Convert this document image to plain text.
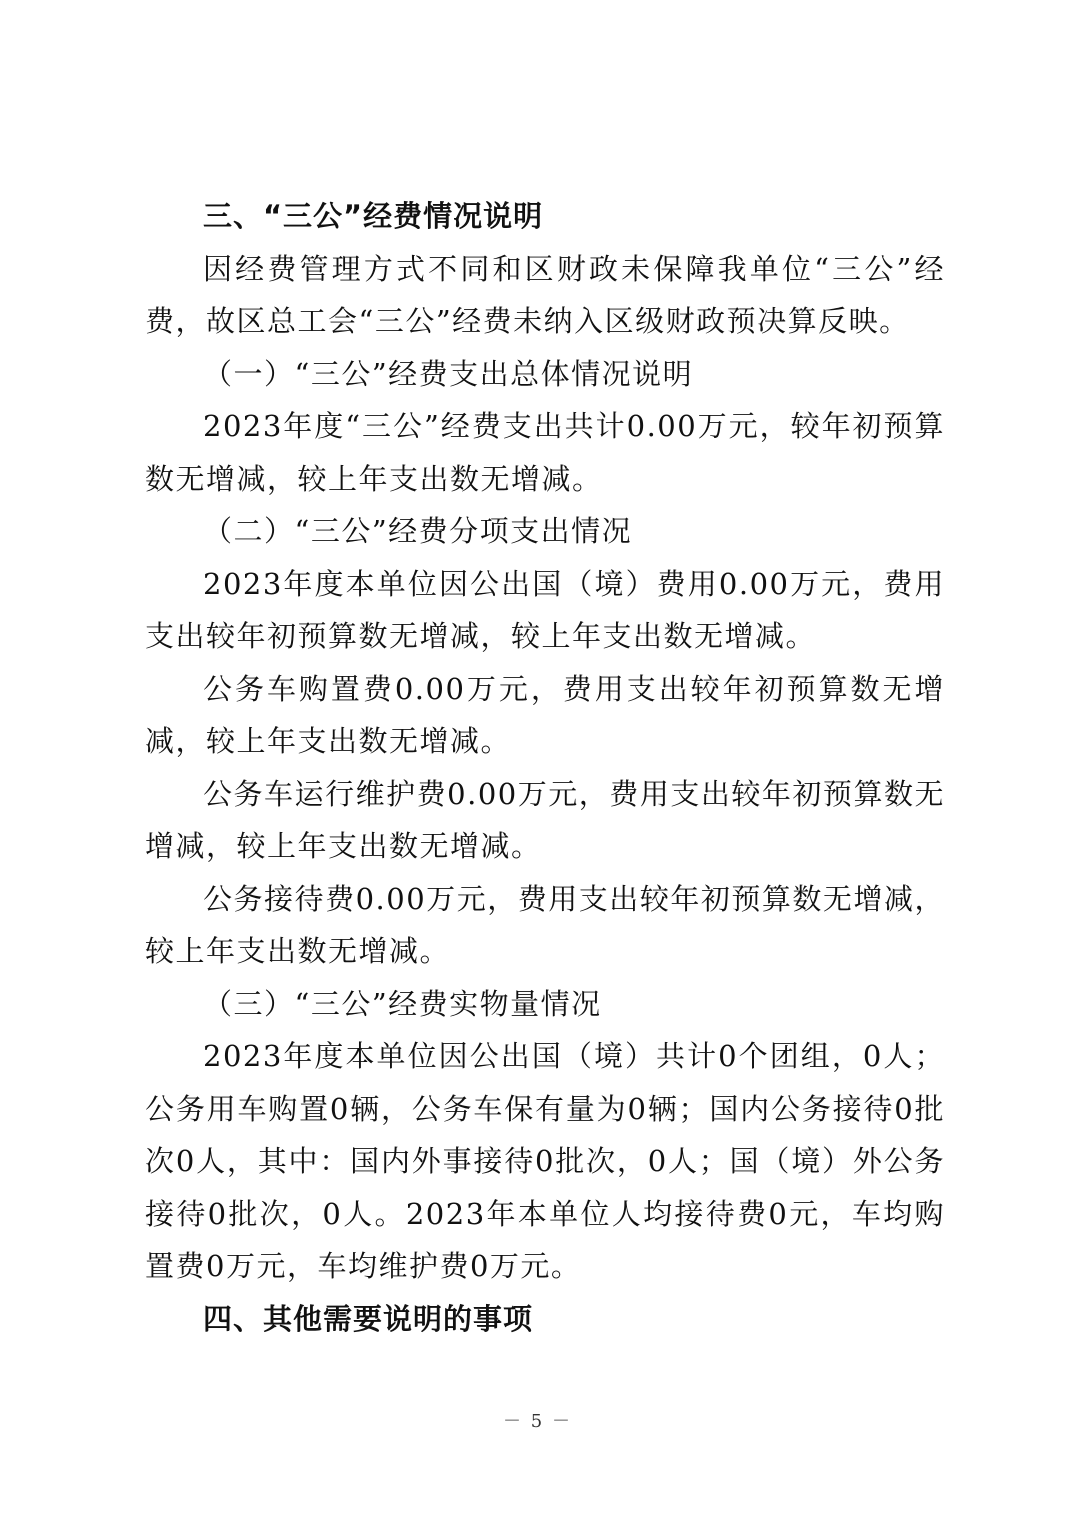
三、“三公”经费情况说明

因经费管理方式不同和区财政未保障我单位“三公”经费，故区总工会“三公”经费未纳入区级财政预决算反映。

（一）“三公”经费支出总体情况说明

2023年度“三公”经费支出共计0.00万元，较年初预算数无增减，较上年支出数无增减。

（二）“三公”经费分项支出情况

2023年度本单位因公出国（境）费用0.00万元，费用支出较年初预算数无增减，较上年支出数无增减。

公务车购置费0.00万元，费用支出较年初预算数无增减，较上年支出数无增减。

公务车运行维护费0.00万元，费用支出较年初预算数无增减，较上年支出数无增减。

公务接待费0.00万元，费用支出较年初预算数无增减，较上年支出数无增减。

（三）“三公”经费实物量情况

2023年度本单位因公出国（境）共计0个团组，0人；公务用车购置0辆，公务车保有量为0辆；国内公务接待0批次0人，其中：国内外事接待0批次，0人；国（境）外公务接待0批次，0人。2023年本单位人均接待费0元，车均购置费0万元，车均维护费0万元。

四、其他需要说明的事项

－ 5 －
